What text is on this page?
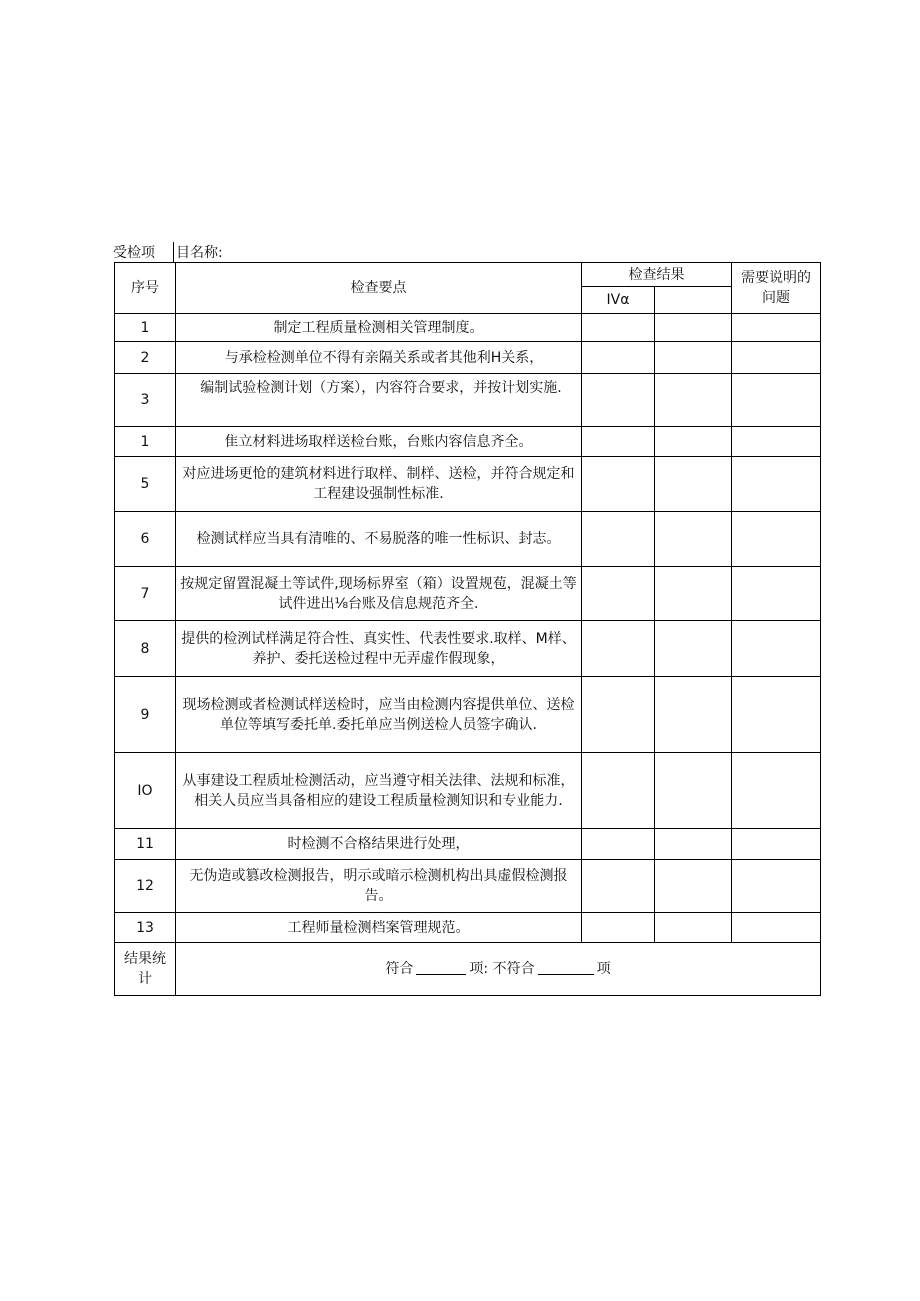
受检项 目名称:
序号	检查要点	检查结果		需要说明的问题
		IVα		
1	制定工程质量检测相关管理制度。			
2	与承检检测单位不得有亲隔关系或者其他利H关系，			
3	编制试验检测计划（方案），内容符合要求，并按计划实施.			
1	隹立材料进场取样送检台账，台账内容信息齐全。			
5	对应进场更怆的建筑材料进行取样、制样、送检，并符合规定和工程建设强制性标准.			
6	检测试样应当具有清唯的、不易脱落的唯一性标识、封志。			
7	按规定留置混凝土等试件,现场标界室（箱）设置规苞，混凝土等试件进出⅛台账及信息规范齐全.			
8	提供的检洌试样满足符合性、真实性、代表性要求.取样、M样、养护、委托送检过程中无弄虚作假现象，			
9	现场检测或者检测试样送检时，应当由检测内容提供单位、送检单位等填写委托单.委托单应当例送检人员签字确认.			
IO	从事建设工程质址检测活动，应当遵守相关法律、法规和标准，相关人员应当具备相应的建设工程质量检测知识和专业能力.			
11	时检测不合格结果进行处理，			
12	无伪造或篡改检测报告，明示或暗示检测机构出具虚假检测报告。			
13	工程师量检测档案管理规范。			
结果统计	符合 项: 不符合 项			
